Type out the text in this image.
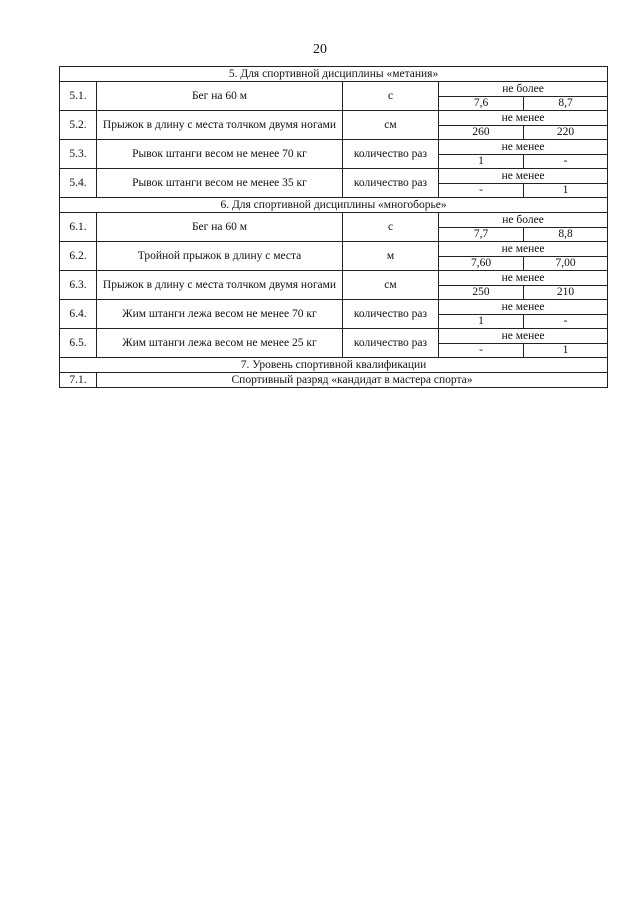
20
5. Для спортивной дисциплины «метания»				
5.1.	Бег на 60 м	с	не более	
			7,6	8,7
5.2.	Прыжок в длину с места толчком двумя ногами	см	не менее	
			260	220
5.3.	Рывок штанги весом не менее 70 кг	количество раз	не менее	
			1	-
5.4.	Рывок штанги весом не менее 35 кг	количество раз	не менее	
			-	1
6. Для спортивной дисциплины «многоборье»				
6.1.	Бег на 60 м	с	не более	
			7,7	8,8
6.2.	Тройной прыжок в длину с места	м	не менее	
			7,60	7,00
6.3.	Прыжок в длину с места толчком двумя ногами	см	не менее	
			250	210
6.4.	Жим штанги лежа весом не менее 70 кг	количество раз	не менее	
			1	-
6.5.	Жим штанги лежа весом не менее 25 кг	количество раз	не менее	
			-	1
7. Уровень спортивной квалификации				
7.1.	Спортивный разряд «кандидат в мастера спорта»			
